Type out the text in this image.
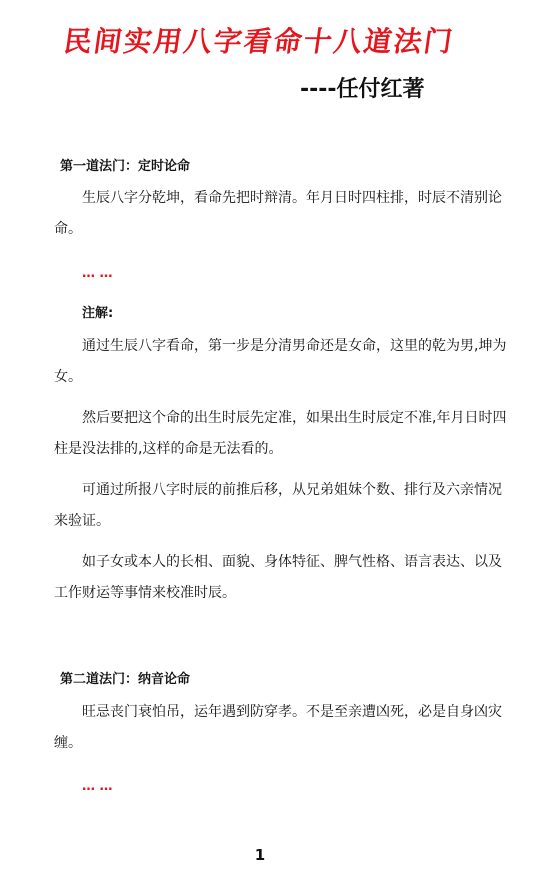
民间实用八字看命十八道法门
----任付红著
第一道法门：定时论命

生辰八字分乾坤，看命先把时辩清。年月日时四柱排，时辰不清别论命。

… …
注解:

通过生辰八字看命，第一步是分清男命还是女命，这里的乾为男,坤为女。

然后要把这个命的出生时辰先定准，如果出生时辰定不准,年月日时四柱是没法排的,这样的命是无法看的。

可通过所报八字时辰的前推后移，从兄弟姐妹个数、排行及六亲情况来验证。

如子女或本人的长相、面貌、身体特征、脾气性格、语言表达、以及工作财运等事情来校准时辰。

第二道法门：纳音论命

旺忌丧门衰怕吊，运年遇到防穿孝。不是至亲遭凶死，必是自身凶灾缠。

… …
1
